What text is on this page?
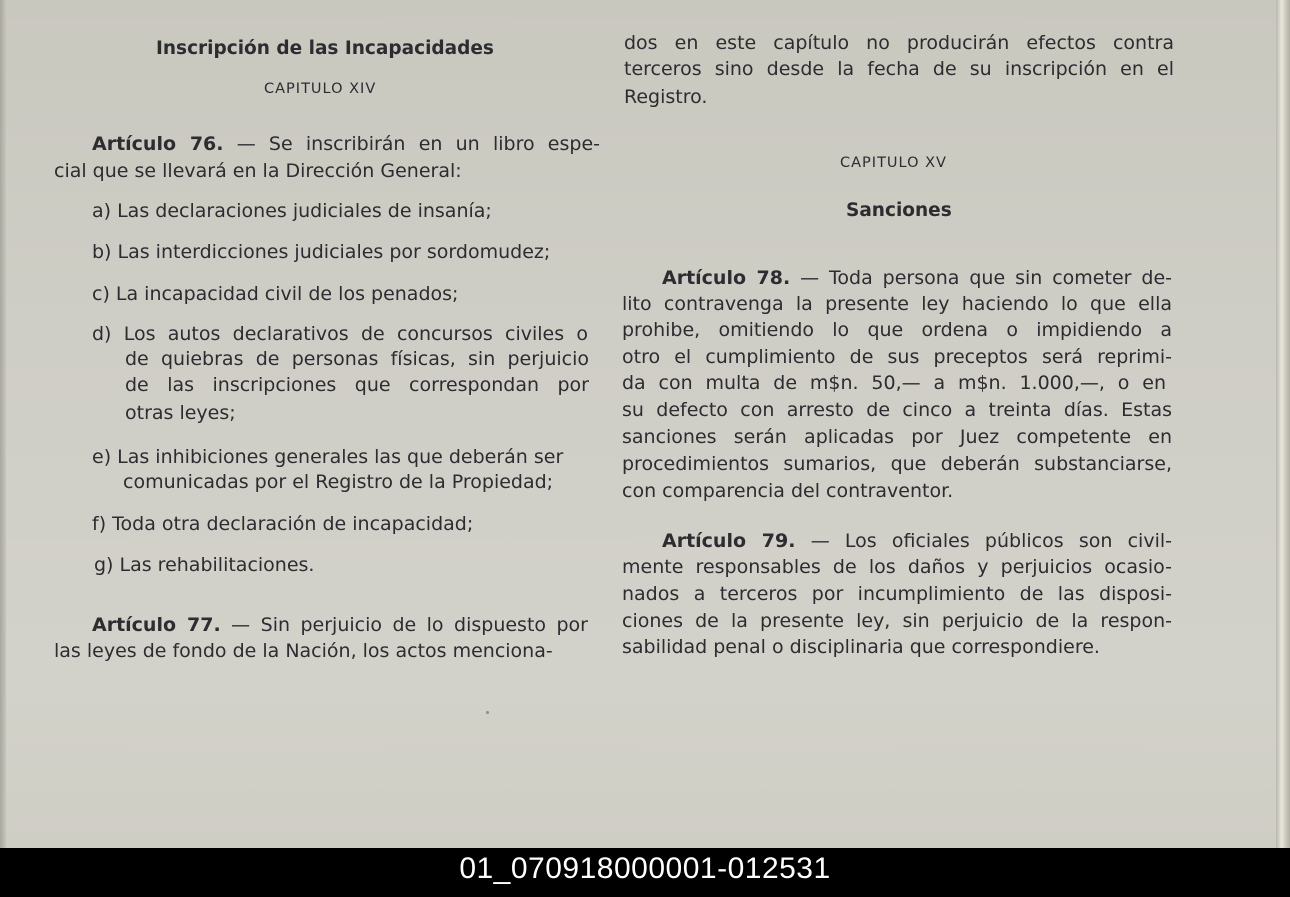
Inscripción de las Incapacidades
CAPITULO XIV
Artículo 76. — Se inscribirán en un libro espe-
cial que se llevará en la Dirección General:
a) Las declaraciones judiciales de insanía;
b) Las interdicciones judiciales por sordomudez;
c) La incapacidad civil de los penados;
d) Los autos declarativos de concursos civiles o
de quiebras de personas físicas, sin perjuicio
de las inscripciones que correspondan por
otras leyes;
e) Las inhibiciones generales las que deberán ser
comunicadas por el Registro de la Propiedad;
f) Toda otra declaración de incapacidad;
g) Las rehabilitaciones.
Artículo 77. — Sin perjuicio de lo dispuesto por
las leyes de fondo de la Nación, los actos menciona-
dos en este capítulo no producirán efectos contra
terceros sino desde la fecha de su inscripción en el
Registro.
CAPITULO XV
Sanciones
Artículo 78. — Toda persona que sin cometer de-
lito contravenga la presente ley haciendo lo que ella
prohibe, omitiendo lo que ordena o impidiendo a
otro el cumplimiento de sus preceptos será reprimi-
da con multa de m$n. 50,— a m$n. 1.000,—, o en
su defecto con arresto de cinco a treinta días. Estas
sanciones serán aplicadas por Juez competente en
procedimientos sumarios, que deberán substanciarse,
con comparencia del contraventor.
Artículo 79. — Los oficiales públicos son civil-
mente responsables de los daños y perjuicios ocasio-
nados a terceros por incumplimiento de las disposi-
ciones de la presente ley, sin perjuicio de la respon-
sabilidad penal o disciplinaria que correspondiere.
01_070918000001-012531
